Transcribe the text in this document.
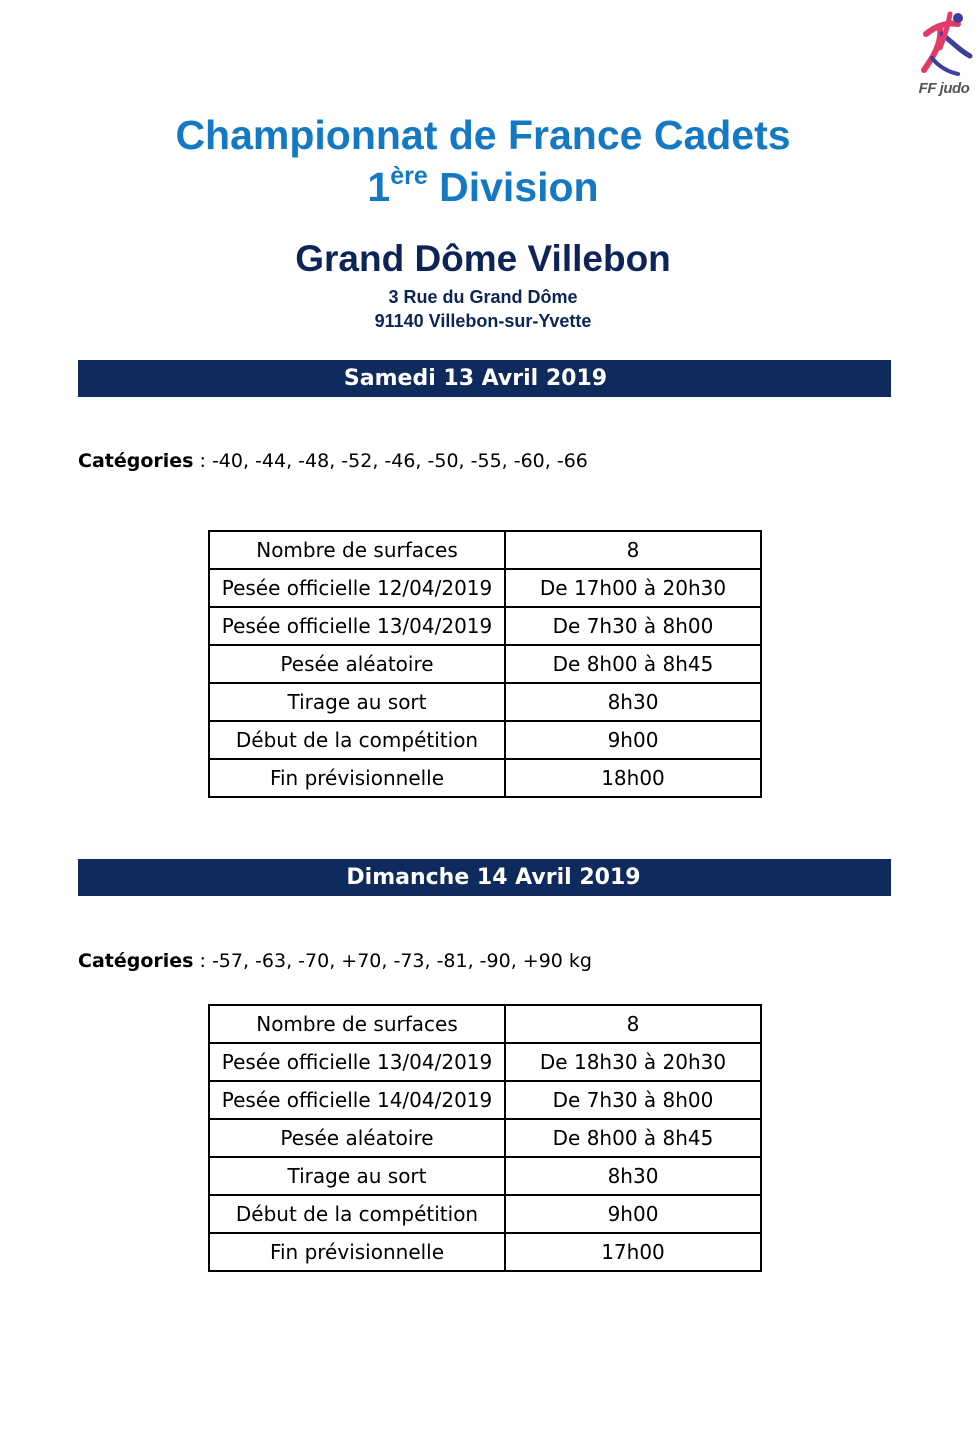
FF judo
Championnat de France Cadets
1ère Division
Grand Dôme Villebon
3 Rue du Grand Dôme
91140 Villebon-sur-Yvette
Samedi 13 Avril 2019
Catégories : -40, -44, -48, -52, -46, -50, -55, -60, -66
Nombre de surfaces	8
Pesée officielle 12/04/2019	De 17h00 à 20h30
Pesée officielle 13/04/2019	De 7h30 à 8h00
Pesée aléatoire	De 8h00 à 8h45
Tirage au sort	8h30
Début de la compétition	9h00
Fin prévisionnelle	18h00
Dimanche 14 Avril 2019
Catégories : -57, -63, -70, +70, -73, -81, -90, +90 kg
Nombre de surfaces	8
Pesée officielle 13/04/2019	De 18h30 à 20h30
Pesée officielle 14/04/2019	De 7h30 à 8h00
Pesée aléatoire	De 8h00 à 8h45
Tirage au sort	8h30
Début de la compétition	9h00
Fin prévisionnelle	17h00
